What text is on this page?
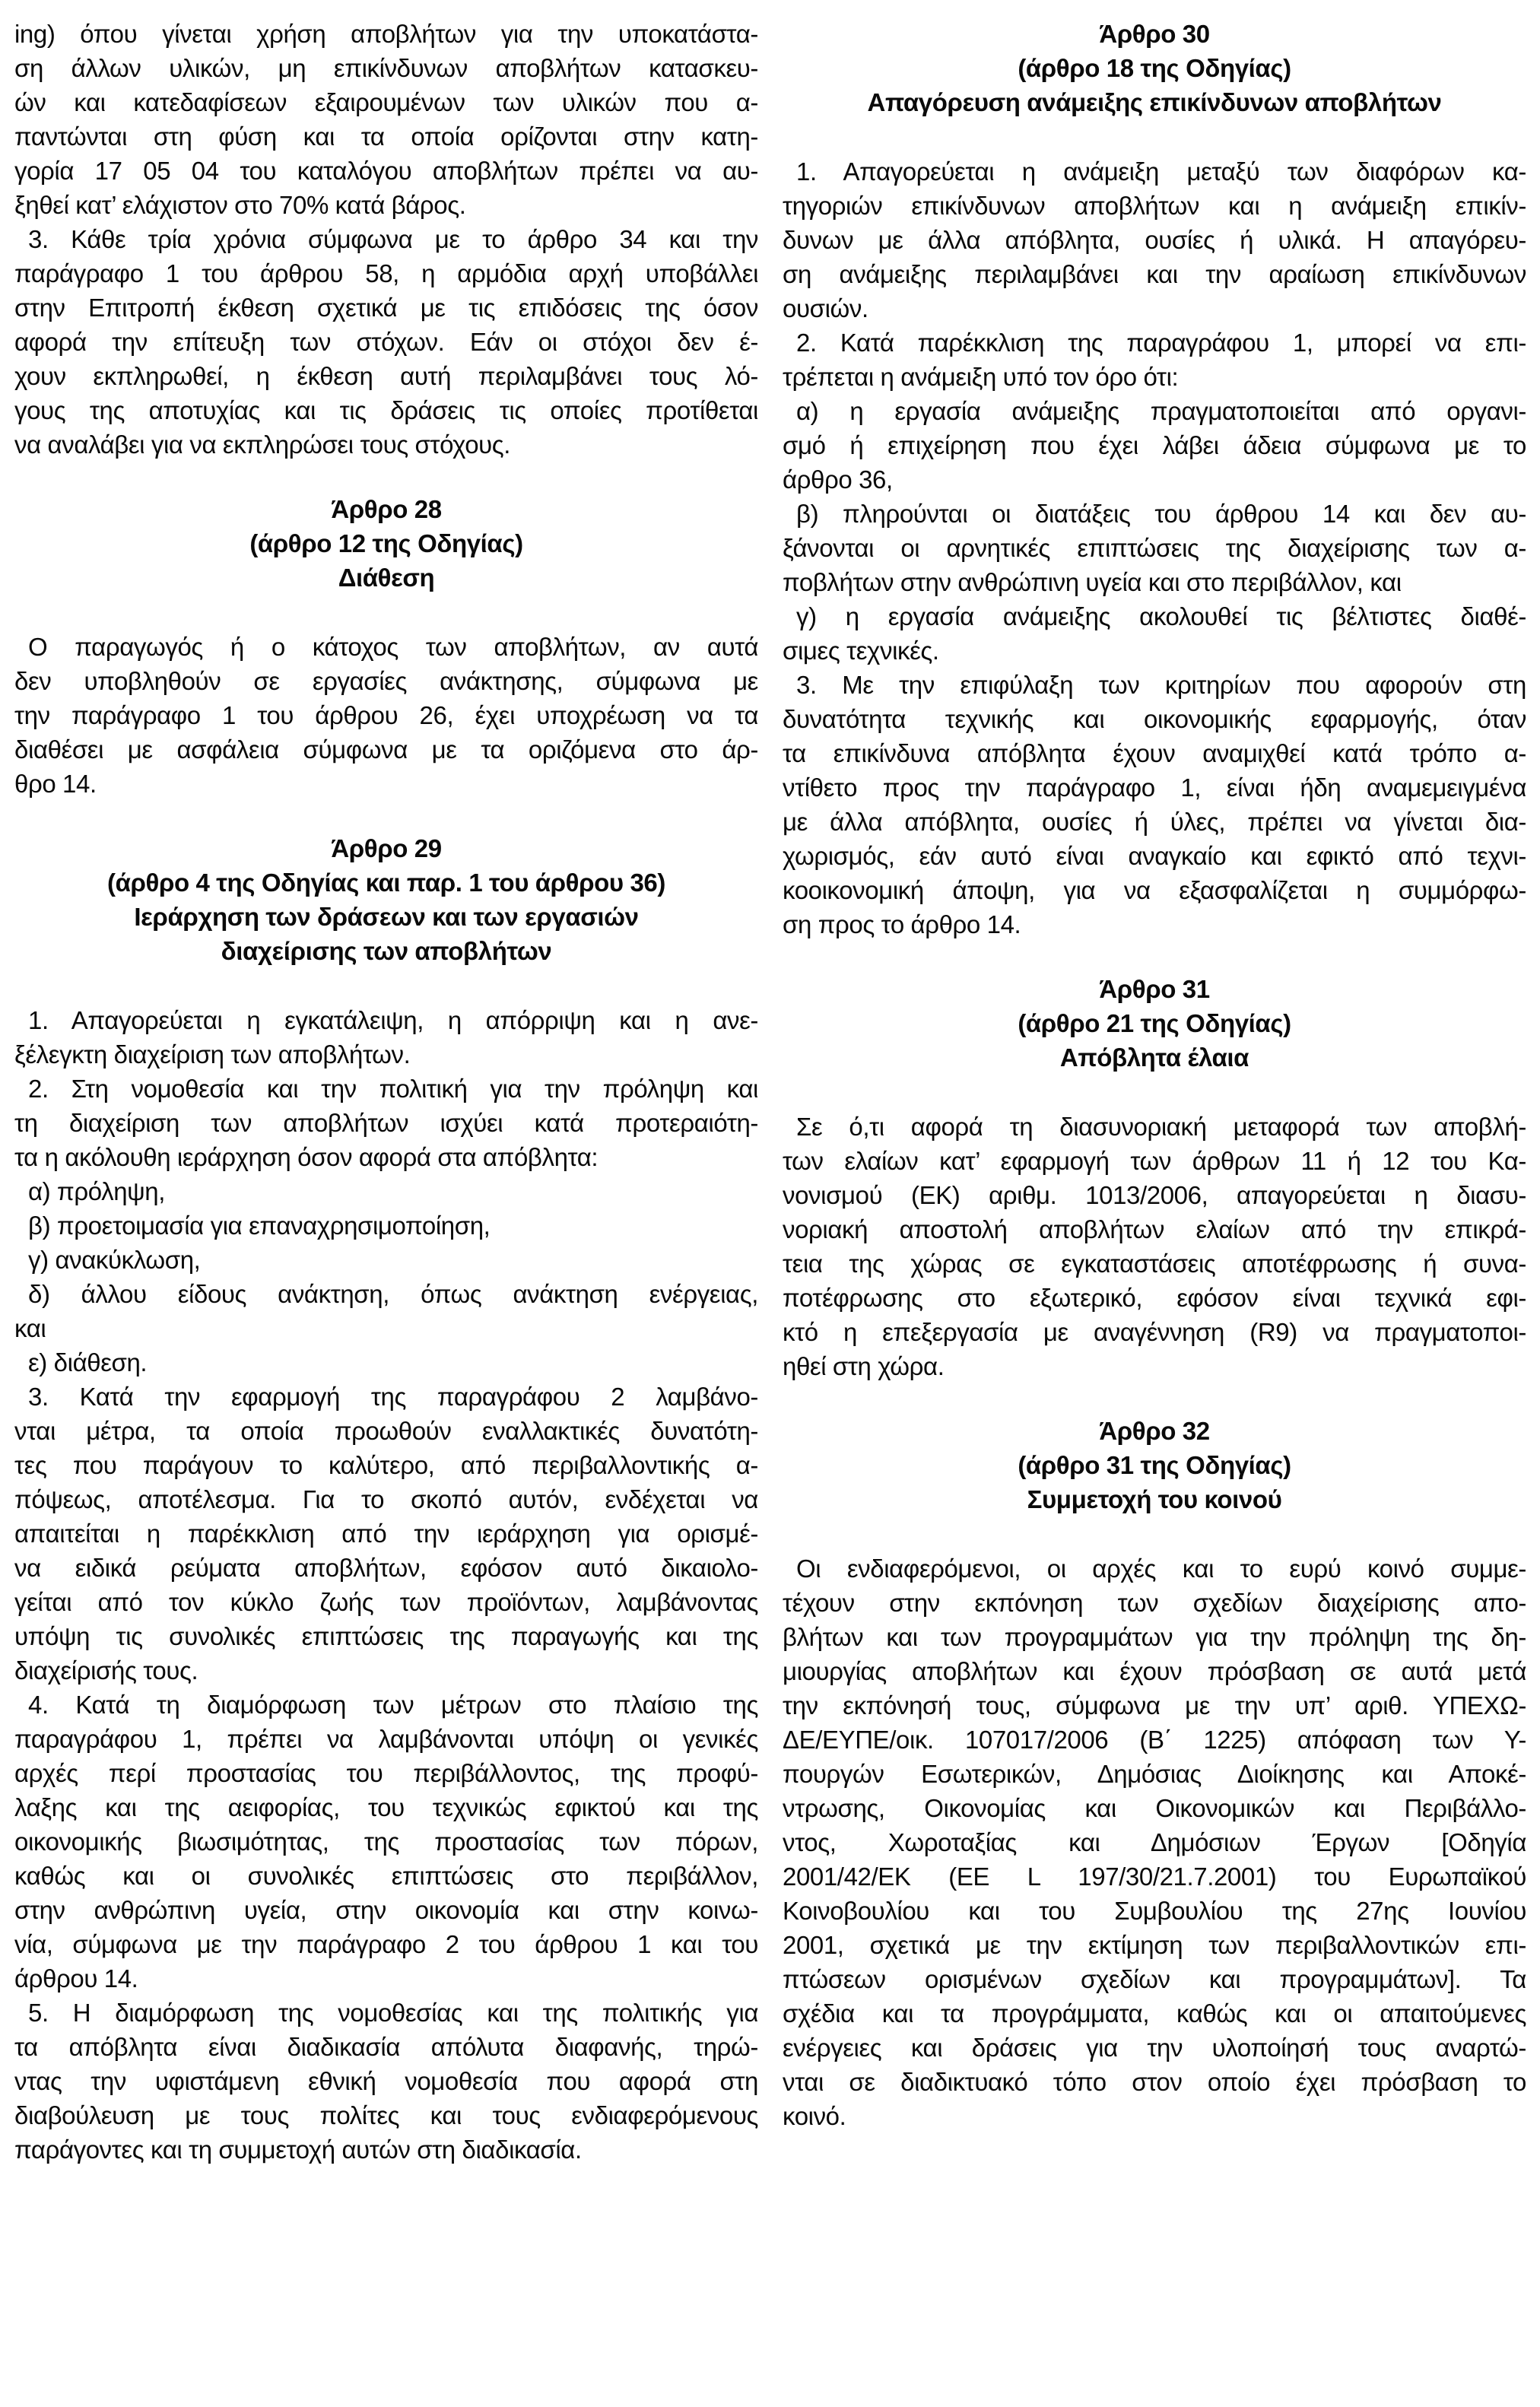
ing) όπου γίνεται χρήση αποβλήτων για την υποκατάστα-
ση άλλων υλικών, μη επικίνδυνων αποβλήτων κατασκευ-
ών και κατεδαφίσεων εξαιρουμένων των υλικών που α-
παντώνται στη φύση και τα οποία ορίζονται στην κατη-
γορία 17 05 04 του καταλόγου αποβλήτων πρέπει να αυ-
ξηθεί κατ’ ελάχιστον στο 70% κατά βάρος.
3. Κάθε τρία χρόνια σύμφωνα με το άρθρο 34 και την
παράγραφο 1 του άρθρου 58, η αρμόδια αρχή υποβάλλει
στην Επιτροπή έκθεση σχετικά με τις επιδόσεις της όσον
αφορά την επίτευξη των στόχων. Εάν οι στόχοι δεν έ-
χουν εκπληρωθεί, η έκθεση αυτή περιλαμβάνει τους λό-
γους της αποτυχίας και τις δράσεις τις οποίες προτίθεται
να αναλάβει για να εκπληρώσει τους στόχους.
Άρθρο 28
(άρθρο 12 της Οδηγίας)
Διάθεση
Ο παραγωγός ή ο κάτοχος των αποβλήτων, αν αυτά
δεν υποβληθούν σε εργασίες ανάκτησης, σύμφωνα με
την παράγραφο 1 του άρθρου 26, έχει υποχρέωση να τα
διαθέσει με ασφάλεια σύμφωνα με τα οριζόμενα στο άρ-
θρο 14.
Άρθρο 29
(άρθρο 4 της Οδηγίας και παρ. 1 του άρθρου 36)
Ιεράρχηση των δράσεων και των εργασιών
διαχείρισης των αποβλήτων
1. Απαγορεύεται η εγκατάλειψη, η απόρριψη και η ανε-
ξέλεγκτη διαχείριση των αποβλήτων.
2. Στη νομοθεσία και την πολιτική για την πρόληψη και
τη διαχείριση των αποβλήτων ισχύει κατά προτεραιότη-
τα η ακόλουθη ιεράρχηση όσον αφορά στα απόβλητα:
α) πρόληψη,
β) προετοιμασία για επαναχρησιμοποίηση,
γ) ανακύκλωση,
δ) άλλου είδους ανάκτηση, όπως ανάκτηση ενέργειας,
και
ε) διάθεση.
3. Κατά την εφαρμογή της παραγράφου 2 λαμβάνο-
νται μέτρα, τα οποία προωθούν εναλλακτικές δυνατότη-
τες που παράγουν το καλύτερο, από περιβαλλοντικής α-
πόψεως, αποτέλεσμα. Για το σκοπό αυτόν, ενδέχεται να
απαιτείται η παρέκκλιση από την ιεράρχηση για ορισμέ-
να ειδικά ρεύματα αποβλήτων, εφόσον αυτό δικαιολο-
γείται από τον κύκλο ζωής των προϊόντων, λαμβάνοντας
υπόψη τις συνολικές επιπτώσεις της παραγωγής και της
διαχείρισής τους.
4. Κατά τη διαμόρφωση των μέτρων στο πλαίσιο της
παραγράφου 1, πρέπει να λαμβάνονται υπόψη οι γενικές
αρχές περί προστασίας του περιβάλλοντος, της προφύ-
λαξης και της αειφορίας, του τεχνικώς εφικτού και της
οικονομικής βιωσιμότητας, της προστασίας των πόρων,
καθώς και οι συνολικές επιπτώσεις στο περιβάλλον,
στην ανθρώπινη υγεία, στην οικονομία και στην κοινω-
νία, σύμφωνα με την παράγραφο 2 του άρθρου 1 και του
άρθρου 14.
5. Η διαμόρφωση της νομοθεσίας και της πολιτικής για
τα απόβλητα είναι διαδικασία απόλυτα διαφανής, τηρώ-
ντας την υφιστάμενη εθνική νομοθεσία που αφορά στη
διαβούλευση με τους πολίτες και τους ενδιαφερόμενους
παράγοντες και τη συμμετοχή αυτών στη διαδικασία.
Άρθρο 30
(άρθρο 18 της Οδηγίας)
Απαγόρευση ανάμειξης επικίνδυνων αποβλήτων
1. Απαγορεύεται η ανάμειξη μεταξύ των διαφόρων κα-
τηγοριών επικίνδυνων αποβλήτων και η ανάμειξη επικίν-
δυνων με άλλα απόβλητα, ουσίες ή υλικά. Η απαγόρευ-
ση ανάμειξης περιλαμβάνει και την αραίωση επικίνδυνων
ουσιών.
2. Κατά παρέκκλιση της παραγράφου 1, μπορεί να επι-
τρέπεται η ανάμειξη υπό τον όρο ότι:
α) η εργασία ανάμειξης πραγματοποιείται από οργανι-
σμό ή επιχείρηση που έχει λάβει άδεια σύμφωνα με το
άρθρο 36,
β) πληρούνται οι διατάξεις του άρθρου 14 και δεν αυ-
ξάνονται οι αρνητικές επιπτώσεις της διαχείρισης των α-
ποβλήτων στην ανθρώπινη υγεία και στο περιβάλλον, και
γ) η εργασία ανάμειξης ακολουθεί τις βέλτιστες διαθέ-
σιμες τεχνικές.
3. Με την επιφύλαξη των κριτηρίων που αφορούν στη
δυνατότητα τεχνικής και οικονομικής εφαρμογής, όταν
τα επικίνδυνα απόβλητα έχουν αναμιχθεί κατά τρόπο α-
ντίθετο προς την παράγραφο 1, είναι ήδη αναμεμειγμένα
με άλλα απόβλητα, ουσίες ή ύλες, πρέπει να γίνεται δια-
χωρισμός, εάν αυτό είναι αναγκαίο και εφικτό από τεχνι-
κοοικονομική άποψη, για να εξασφαλίζεται η συμμόρφω-
ση προς το άρθρο 14.
Άρθρο 31
(άρθρο 21 της Οδηγίας)
Απόβλητα έλαια
Σε ό,τι αφορά τη διασυνοριακή μεταφορά των αποβλή-
των ελαίων κατ’ εφαρμογή των άρθρων 11 ή 12 του Κα-
νονισμού (ΕΚ) αριθμ. 1013/2006, απαγορεύεται η διασυ-
νοριακή αποστολή αποβλήτων ελαίων από την επικρά-
τεια της χώρας σε εγκαταστάσεις αποτέφρωσης ή συνα-
ποτέφρωσης στο εξωτερικό, εφόσον είναι τεχνικά εφι-
κτό η επεξεργασία με αναγέννηση (R9) να πραγματοποι-
ηθεί στη χώρα.
Άρθρο 32
(άρθρο 31 της Οδηγίας)
Συμμετοχή του κοινού
Οι ενδιαφερόμενοι, οι αρχές και το ευρύ κοινό συμμε-
τέχουν στην εκπόνηση των σχεδίων διαχείρισης απο-
βλήτων και των προγραμμάτων για την πρόληψη της δη-
μιουργίας αποβλήτων και έχουν πρόσβαση σε αυτά μετά
την εκπόνησή τους, σύμφωνα με την υπ’ αριθ. ΥΠΕΧΩ-
ΔΕ/ΕΥΠΕ/οικ. 107017/2006 (Β΄ 1225) απόφαση των Υ-
πουργών Εσωτερικών, Δημόσιας Διοίκησης και Αποκέ-
ντρωσης, Οικονομίας και Οικονομικών και Περιβάλλο-
ντος, Χωροταξίας και Δημόσιων Έργων [Οδηγία
2001/42/ΕΚ (ΕΕ L 197/30/21.7.2001) του Ευρωπαϊκού
Κοινοβουλίου και του Συμβουλίου της 27ης Ιουνίου
2001, σχετικά με την εκτίμηση των περιβαλλοντικών επι-
πτώσεων ορισμένων σχεδίων και προγραμμάτων]. Τα
σχέδια και τα προγράμματα, καθώς και οι απαιτούμενες
ενέργειες και δράσεις για την υλοποίησή τους αναρτώ-
νται σε διαδικτυακό τόπο στον οποίο έχει πρόσβαση το
κοινό.
